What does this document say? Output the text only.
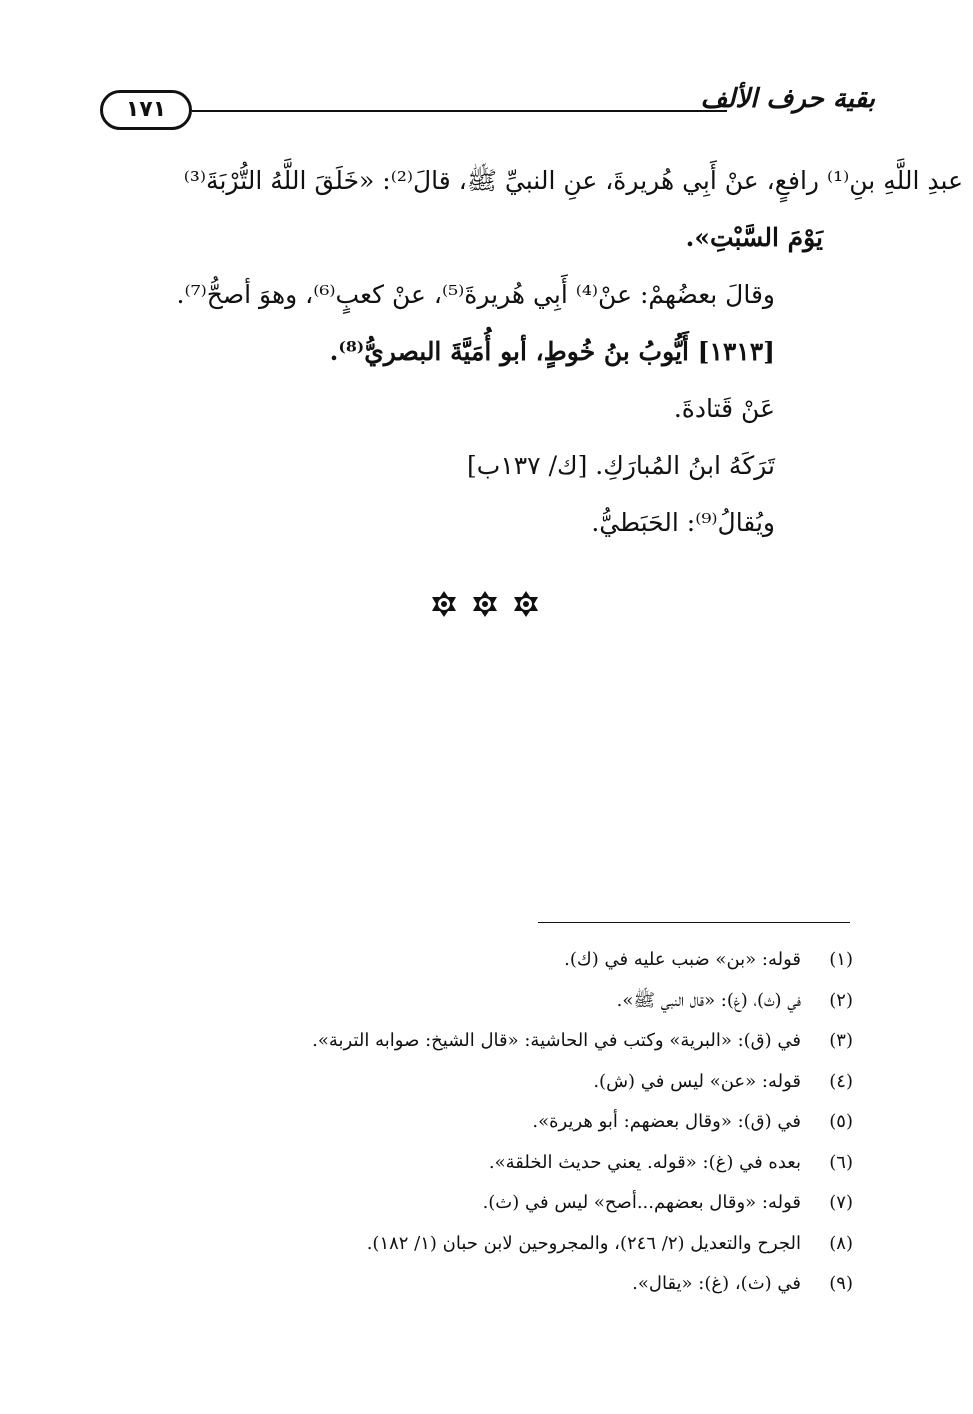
١٧١	بقية حرف الألف
عبدِ اللَّهِ بنِ⁽¹⁾ رافعٍ، عنْ أَبِي هُريرةَ، عنِ النبيِّ ﷺ، قالَ⁽²⁾: «خَلَقَ اللَّهُ التُّرْبَةَ⁽³⁾
يَوْمَ السَّبْتِ».
وقالَ بعضُهمْ: عنْ⁽⁴⁾ أَبِي هُريرةَ⁽⁵⁾، عنْ كعبٍ⁽⁶⁾، وهوَ أصحُّ⁽⁷⁾.
[١٣١٣] أَيُّوبُ بنُ خُوطٍ، أبو أُمَيَّةَ البصريُّ⁽⁸⁾.
عَنْ قَتادةَ.
تَرَكَهُ ابنُ المُبارَكِ. [ك/ ١٣٧ب]
ويُقالُ⁽⁹⁾: الحَبَطيُّ.
(١)قوله: «بن» ضبب عليه في (ك).
(٢)في (ث)، (غ): «قال النبي ﷺ».
(٣)في (ق): «البرية» وكتب في الحاشية: «قال الشيخ: صوابه التربة».
(٤)قوله: «عن» ليس في (ش).
(٥)في (ق): «وقال بعضهم: أبو هريرة».
(٦)بعده في (غ): «قوله. يعني حديث الخلقة».
(٧)قوله: «وقال بعضهم...أصح» ليس في (ث).
(٨)الجرح والتعديل (٢/ ٢٤٦)، والمجروحين لابن حبان (١/ ١٨٢).
(٩)في (ث)، (غ): «يقال».
